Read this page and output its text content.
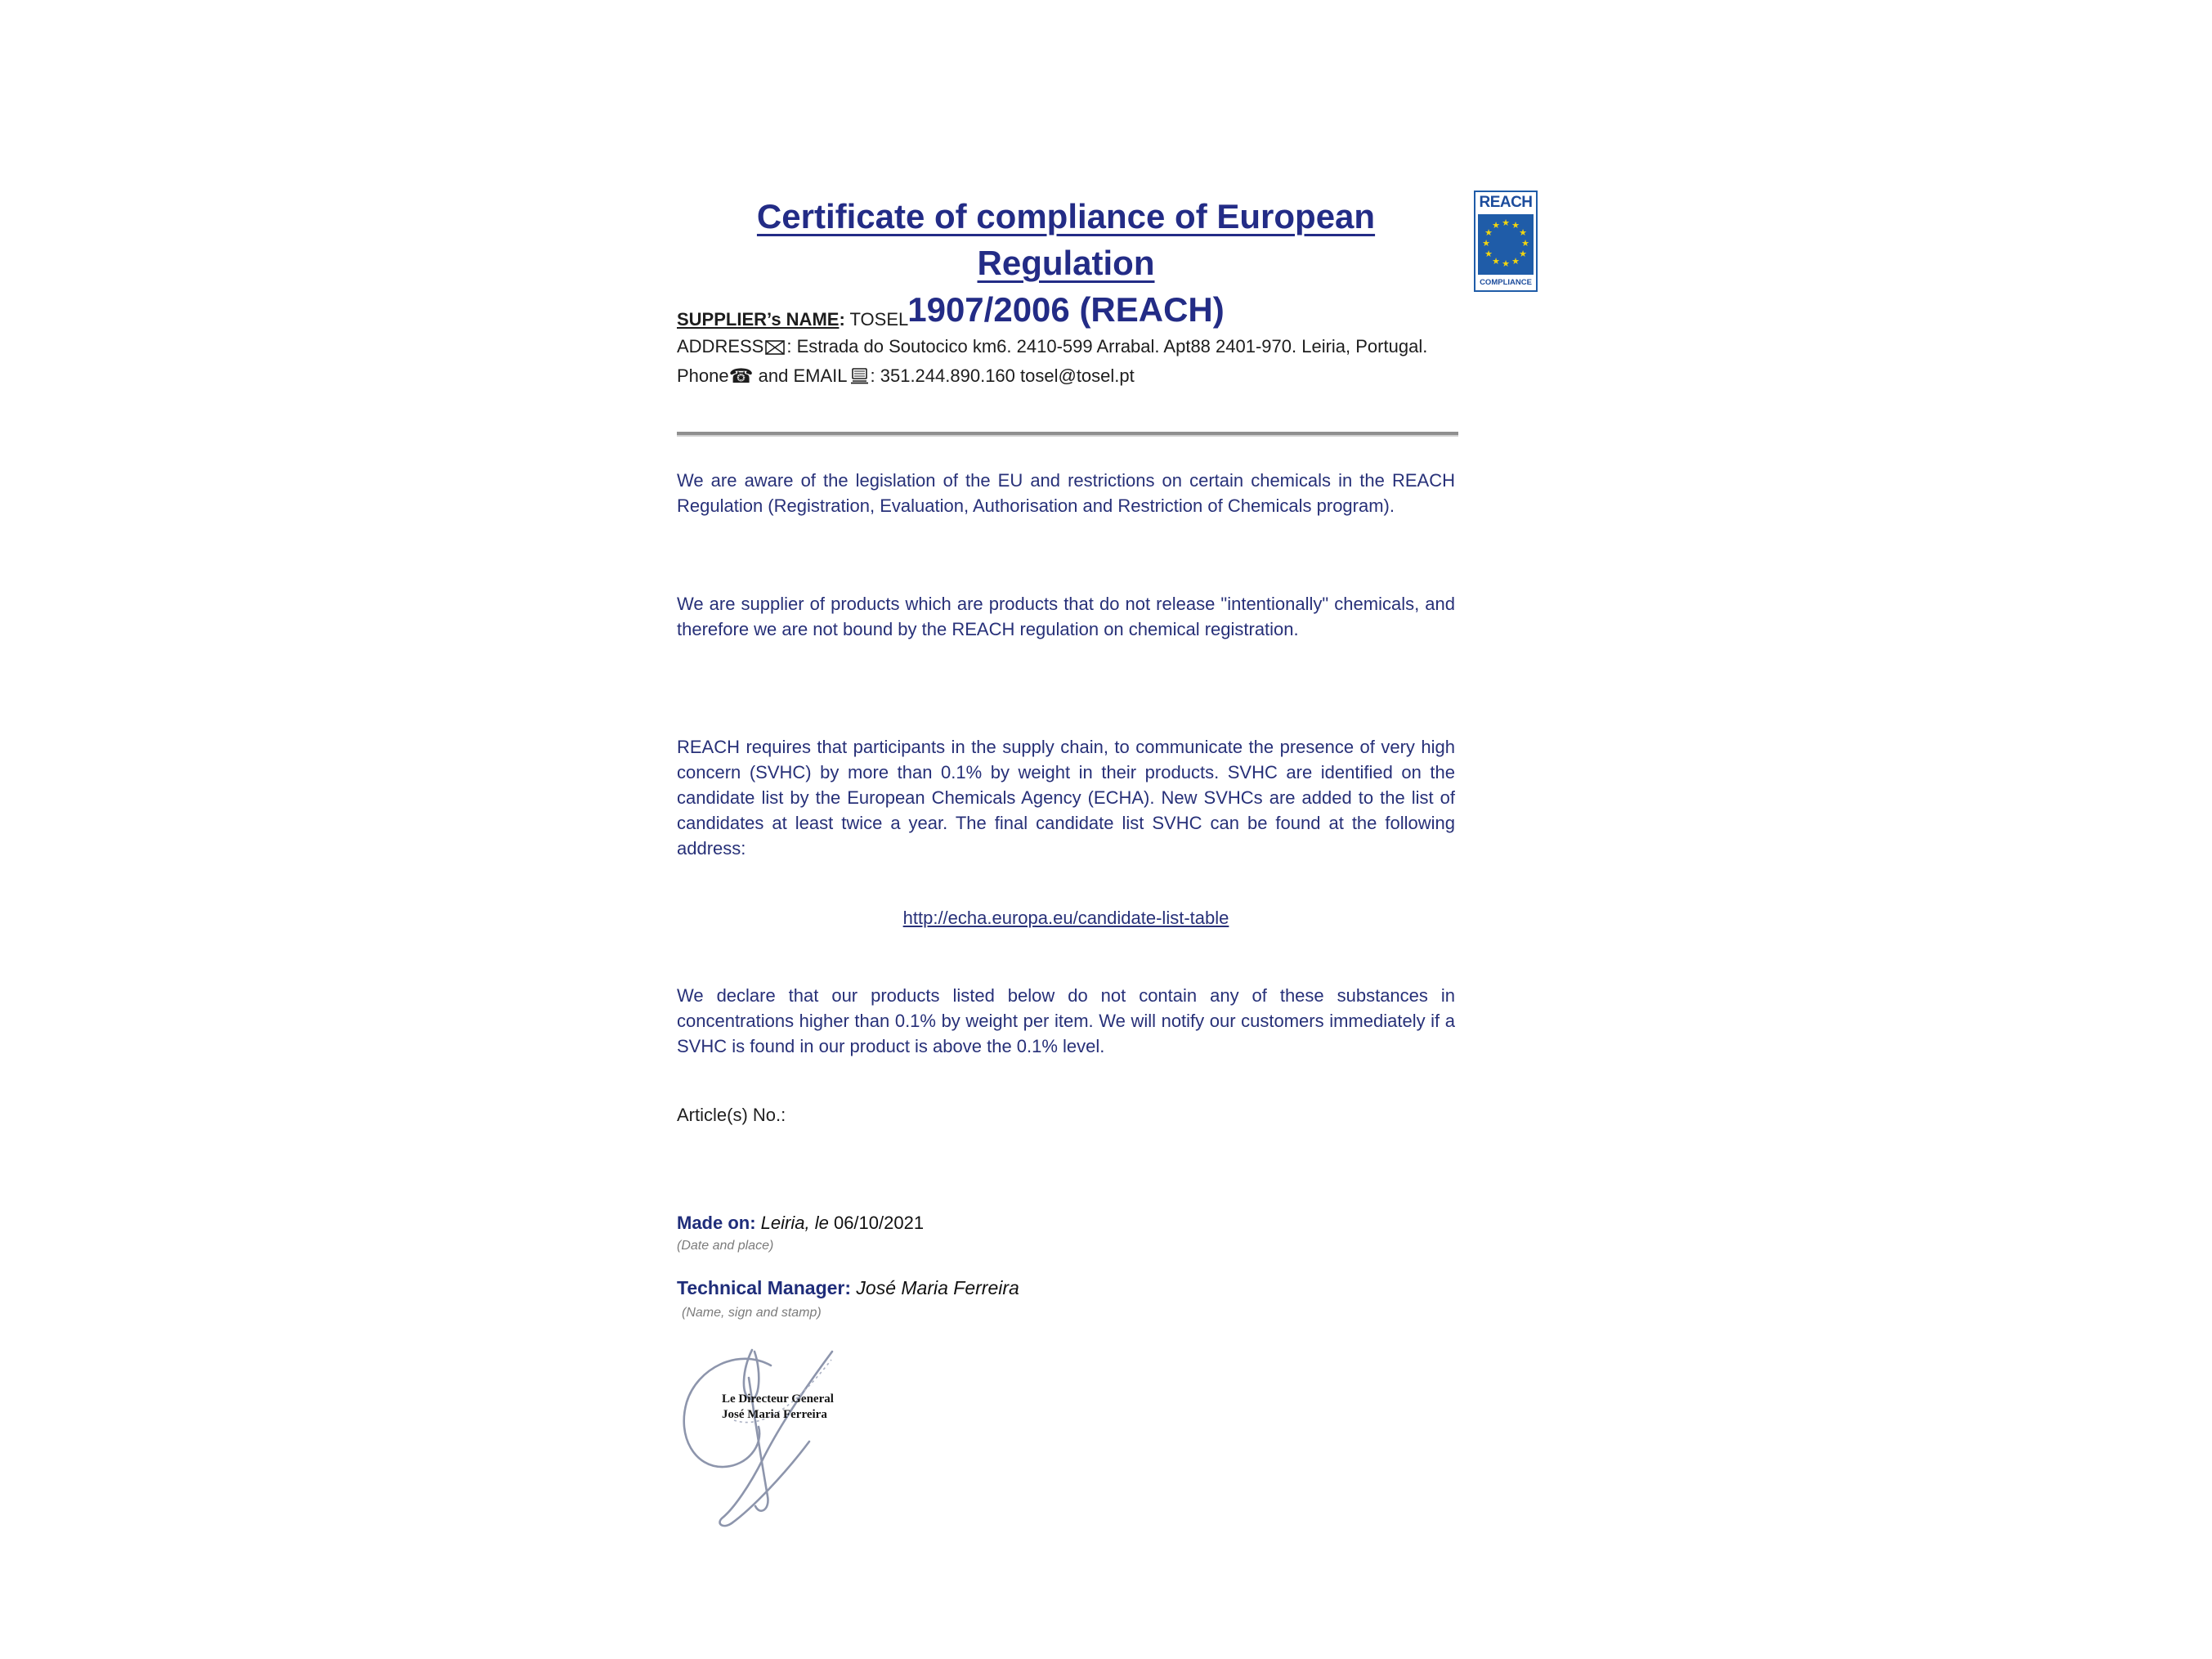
Certificate of compliance of European Regulation
1907/2006 (REACH)
SUPPLIER’s NAME: TOSEL
ADDRESS : Estrada do Soutocico km6. 2410-599 Arrabal. Apt88 2401-970. Leiria, Portugal.
Phone☎ and EMAIL : 351.244.890.160 tosel@tosel.pt

We are aware of the legislation of the EU and restrictions on certain chemicals in the REACH Regulation (Registration, Evaluation, Authorisation and Restriction of Chemicals program).

We are supplier of products which are products that do not release "intentionally" chemicals, and therefore we are not bound by the REACH regulation on chemical registration.

REACH requires that participants in the supply chain, to communicate the presence of very high concern (SVHC) by more than 0.1% by weight in their products. SVHC are identified on the candidate list by the European Chemicals Agency (ECHA). New SVHCs are added to the list of candidates at least twice a year. The final candidate list SVHC can be found at the following address:

http://echa.europa.eu/candidate-list-table

We declare that our products listed below do not contain any of these substances in concentrations higher than 0.1% by weight per item. We will notify our customers immediately if a SVHC is found in our product is above the 0.1% level.

Article(s) No.:
Made on: Leiria, le 06/10/2021
(Date and place)
Technical Manager: José Maria Ferreira
(Name, sign and stamp)
Le Directeur General
José Maria Ferreira
REACH
★ ★
★
★
★
★
★
★
★
★
★
★
COMPLIANCE
